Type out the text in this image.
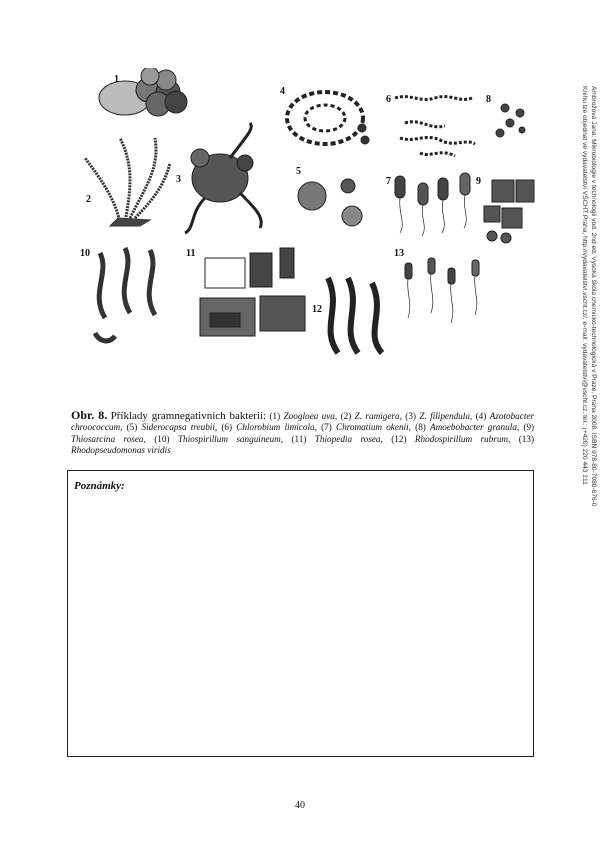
1
2
3
4
5
6
7
8
9
10	11
12
13
Obr. 8. Příklady gramnegativních bakterií: (1) Zoogloea uva, (2) Z. ramigera, (3) Z. filipendula, (4) Azotobacter chroococcum, (5) Siderocapsa treubii, (6) Chlorobium limicola, (7) Chromatium okenii, (8) Amoebobacter granula, (9) Thiosarcina rosea, (10) Thiospirillum sanguineum, (11) Thiopedia rosea, (12) Rhodospirillum rubrum, (13) Rhodopseudomonas viridis
Poznámky:
40
Ambrožová Jana: Mikrobiologie v technologii vod. 2nd ed. Vysoká škola chemicko-technologická v Praze, Praha 2008. ISBN 978-80-7080-676-0
Knihu lze objednat ve vydavatelství VŠCHT Praha, http://vydavatelstvi.vscht.cz/, e-mail: vydavatelstvi@vscht.cz, tel.: (+420) 220 443 211
